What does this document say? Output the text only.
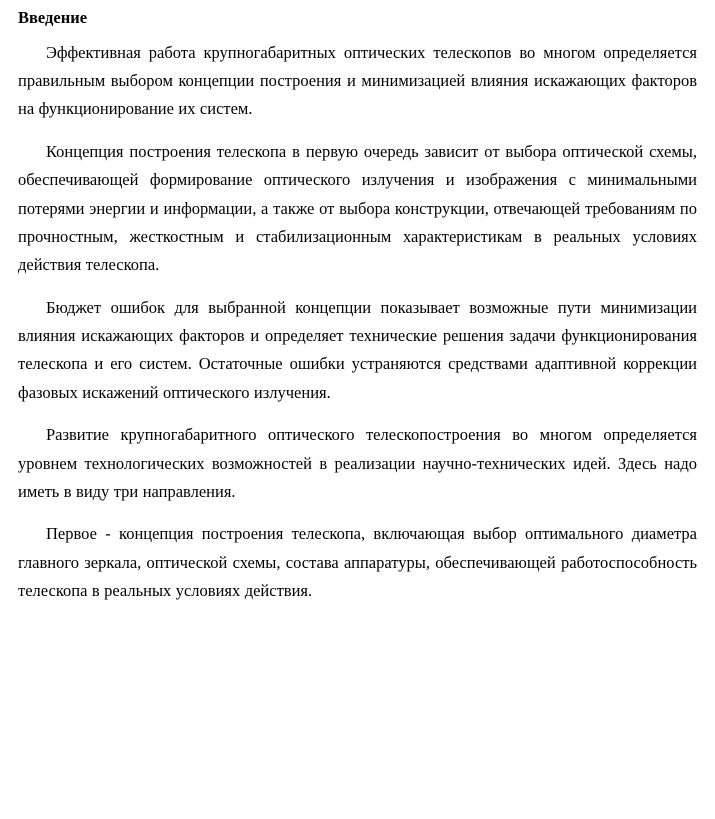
Введение

Эффективная работа крупногабаритных оптических телескопов во многом определяется правильным выбором концепции построения и минимизацией влияния искажающих факторов на функционирование их систем.

Концепция построения телескопа в первую очередь зависит от выбора оптической схемы, обеспечивающей формирование оптического излучения и изображения с минимальными потерями энергии и информации, а также от выбора конструкции, отвечающей требованиям по прочностным, жесткостным и стабилизационным характеристикам в реальных условиях действия телескопа.

Бюджет ошибок для выбранной концепции показывает возможные пути минимизации влияния искажающих факторов и определяет технические решения задачи функционирования телескопа и его систем. Остаточные ошибки устраняются средствами адаптивной коррекции фазовых искажений оптического излучения.

Развитие крупногабаритного оптического телескопостроения во многом определяется уровнем технологических возможностей в реализации научно-технических идей. Здесь надо иметь в виду три направления.

Первое - концепция построения телескопа, включающая выбор оптимального диаметра главного зеркала, оптической схемы, состава аппаратуры, обеспечивающей работоспособность телескопа в реальных условиях действия.
